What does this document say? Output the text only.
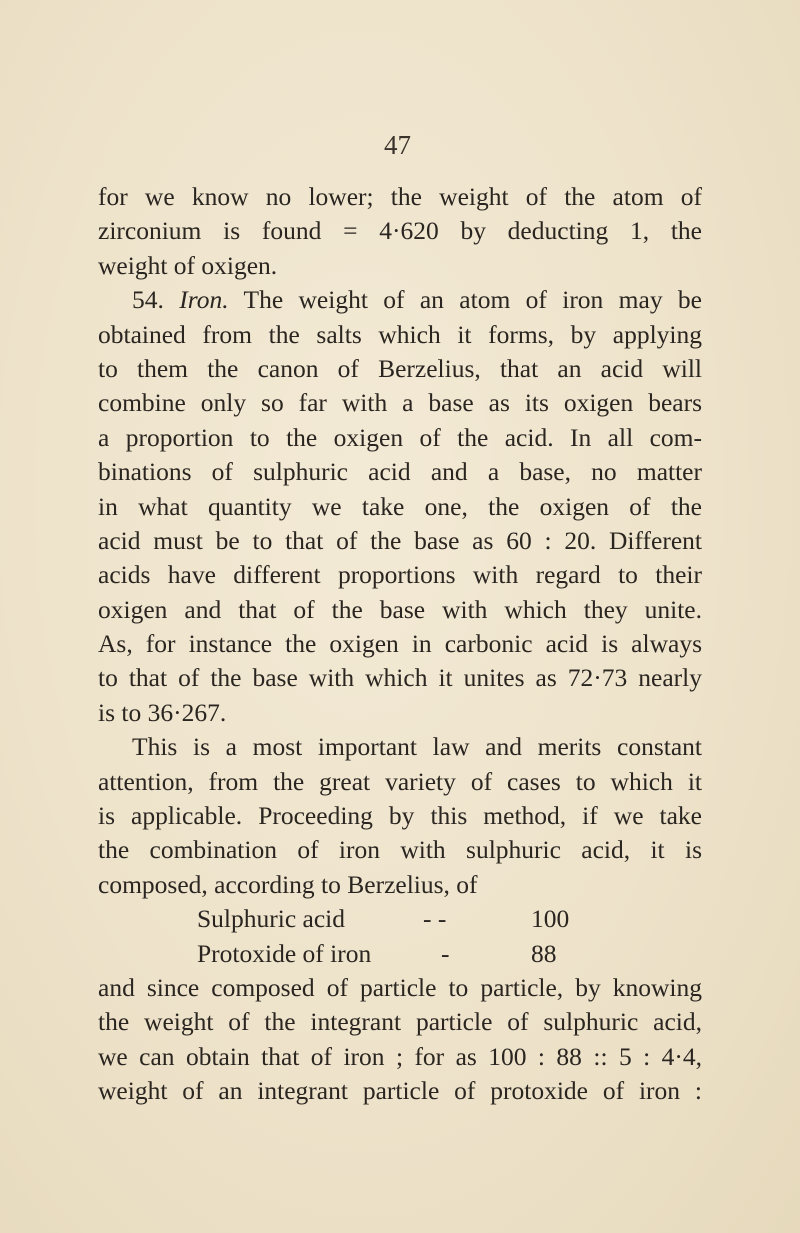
47
for we know no lower; the weight of the atom of
zirconium is found = 4·620 by deducting 1, the
weight of oxigen.
54. Iron. The weight of an atom of iron may be
obtained from the salts which it forms, by applying
to them the canon of Berzelius, that an acid will
combine only so far with a base as its oxigen bears
a proportion to the oxigen of the acid. In all com-
binations of sulphuric acid and a base, no matter
in what quantity we take one, the oxigen of the
acid must be to that of the base as 60 : 20. Different
acids have different proportions with regard to their
oxigen and that of the base with which they unite.
As, for instance the oxigen in carbonic acid is always
to that of the base with which it unites as 72·73 nearly
is to 36·267.
This is a most important law and merits constant
attention, from the great variety of cases to which it
is applicable. Proceeding by this method, if we take
the combination of iron with sulphuric acid, it is
composed, according to Berzelius, of
Sulphuric acid	- -	100
Protoxide of iron	-	88
and since composed of particle to particle, by knowing
the weight of the integrant particle of sulphuric acid,
we can obtain that of iron ; for as 100 : 88 :: 5 : 4·4,
weight of an integrant particle of protoxide of iron :
